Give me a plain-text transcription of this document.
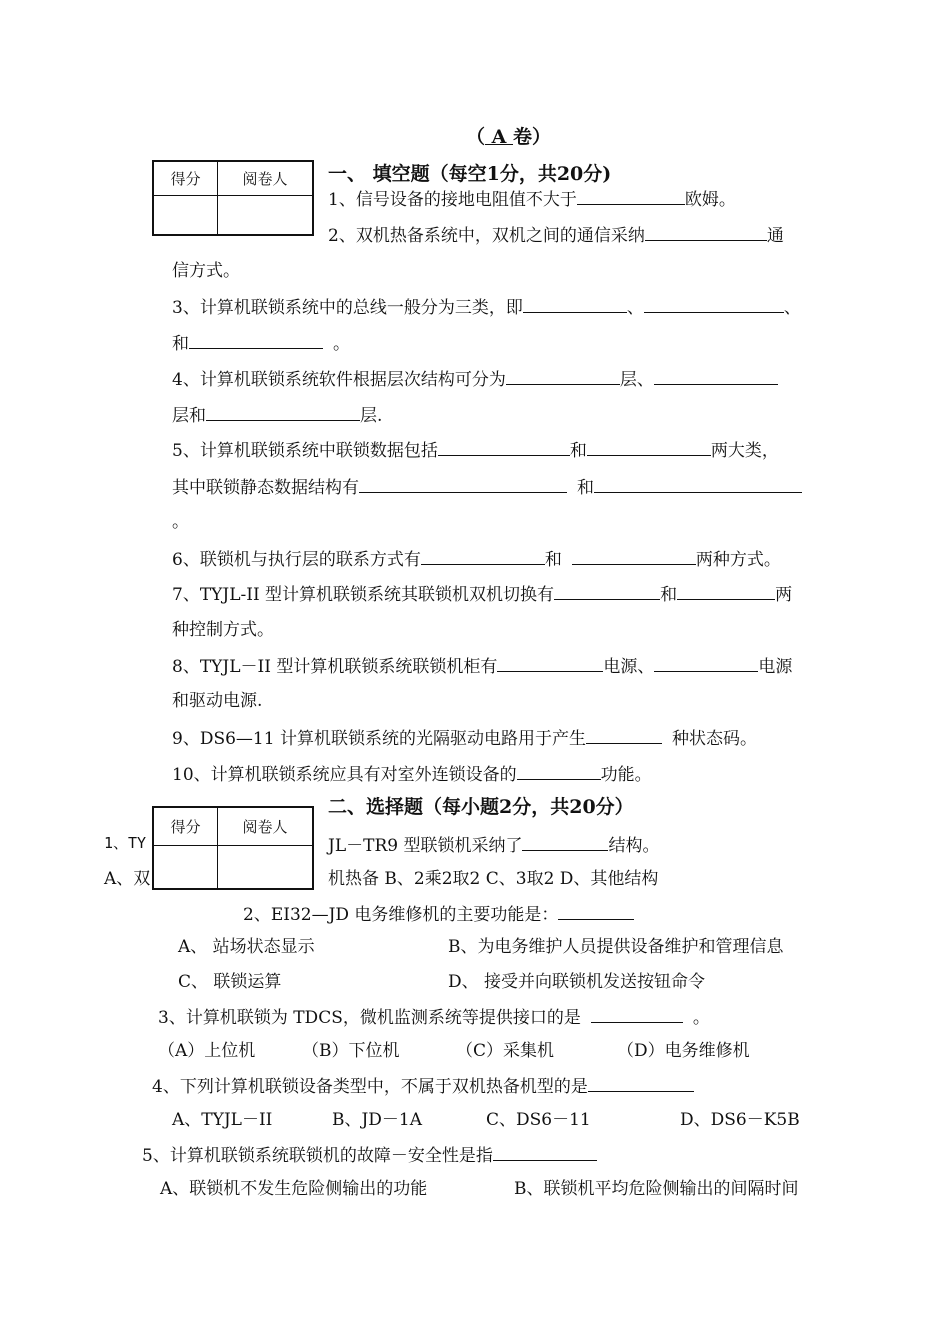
（ A 卷）
得分	阅卷人
	一、 填空题（每空1分，共20分)
1、信号设备的接地电阻值不大于	欧姆。
2、双机热备系统中，双机之间的通信采纳	通
信方式。
3、计算机联锁系统中的总线一般分为三类，即	、	、
和	。
4、计算机联锁系统软件根据层次结构可分为	层、
层和	层.
5、计算机联锁系统中联锁数据包括	和	两大类，
其中联锁静态数据结构有	和
。
6、联锁机与执行层的联系方式有	和	两种方式。
7、TYJL-II 型计算机联锁系统其联锁机双机切换有	和	两
种控制方式。
8、TYJL－II 型计算机联锁系统联锁机柜有	电源、	电源
和驱动电源.
9、DS6—11 计算机联锁系统的光隔驱动电路用于产生	种状态码。
10、计算机联锁系统应具有对室外连锁设备的	功能。
二、选择题（每小题2分，共20分）
1、TY	JL－TR9 型联锁机采纳了	结构。
A、双	机热备 B、2乘2取2 C、3取2 D、其他结构
得分	阅卷人

2、EI32—JD 电务维修机的主要功能是：
A、 站场状态显示	B、为电务维护人员提供设备维护和管理信息
C、 联锁运算	D、 接受并向联锁机发送按钮命令
3、计算机联锁为 TDCS，微机监测系统等提供接口的是	。
（A）上位机	（B）下位机	（C）采集机	（D）电务维修机
4、下列计算机联锁设备类型中，不属于双机热备机型的是
A、TYJL－II	B、JD－1A	C、DS6－11	D、DS6－K5B
5、计算机联锁系统联锁机的故障－安全性是指
A、联锁机不发生危险侧输出的功能	B、联锁机平均危险侧输出的间隔时间
